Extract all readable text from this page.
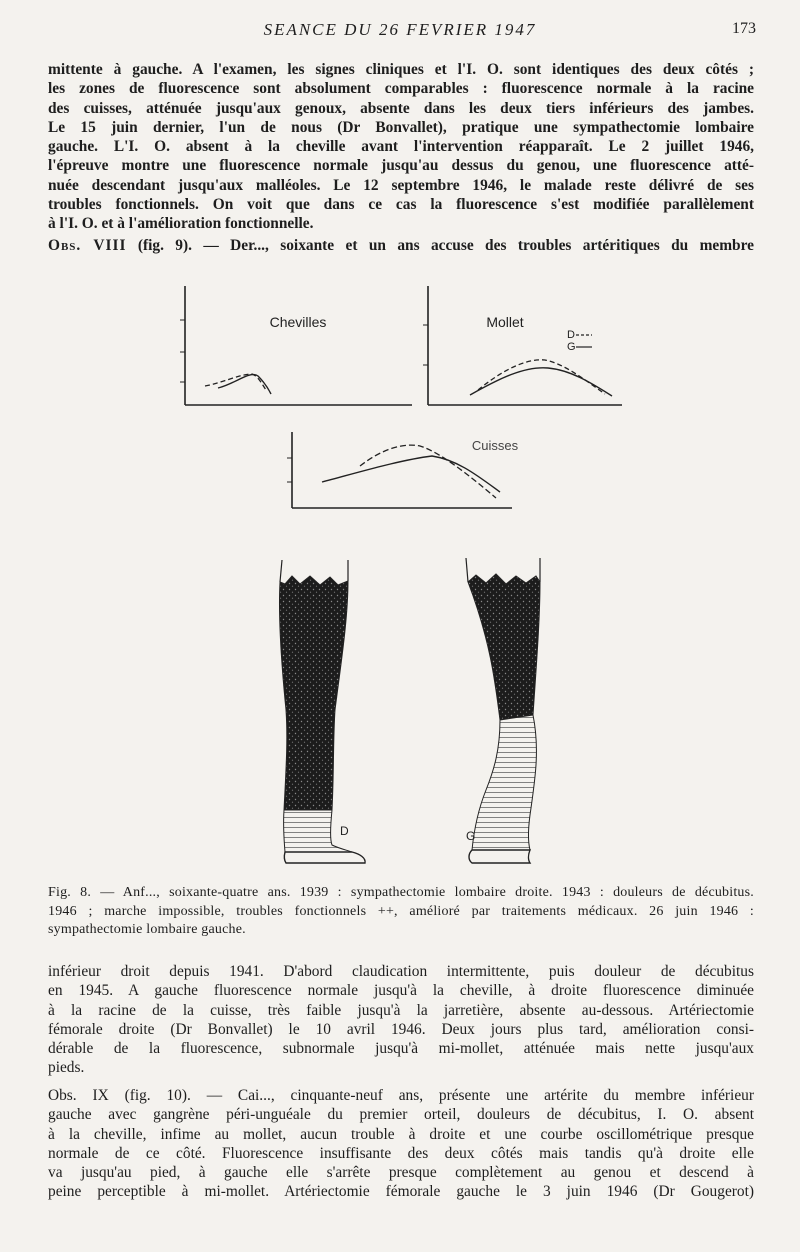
SEANCE DU 26 FEVRIER 1947	173

mittente à gauche. A l'examen, les signes cliniques et l'I. O. sont identiques des deux côtés ;
les zones de fluorescence sont absolument comparables : fluorescence normale à la racine
des cuisses, atténuée jusqu'aux genoux, absente dans les deux tiers inférieurs des jambes.
Le 15 juin dernier, l'un de nous (Dr Bonvallet), pratique une sympathectomie lombaire
gauche. L'I. O. absent à la cheville avant l'intervention réapparaît. Le 2 juillet 1946,
l'épreuve montre une fluorescence normale jusqu'au dessus du genou, une fluorescence atté-
nuée descendant jusqu'aux malléoles. Le 12 septembre 1946, le malade reste délivré de ses
troubles fonctionnels. On voit que dans ce cas la fluorescence s'est modifiée parallèlement
à l'I. O. et à l'amélioration fonctionnelle.

Obs. VIII (fig. 9). — Der..., soixante et un ans accuse des troubles artéritiques du membre

Chevilles	Mollet
D
G
Cuisses
D	G

Fig. 8. — Anf..., soixante-quatre ans. 1939 : sympathectomie lombaire droite. 1943 : douleurs de décubitus.
1946 ; marche impossible, troubles fonctionnels ++, amélioré par traitements médicaux. 26 juin 1946 :
sympathectomie lombaire gauche.

inférieur droit depuis 1941. D'abord claudication intermittente, puis douleur de décubitus
en 1945. A gauche fluorescence normale jusqu'à la cheville, à droite fluorescence diminuée
à la racine de la cuisse, très faible jusqu'à la jarretière, absente au-dessous. Artériectomie
fémorale droite (Dr Bonvallet) le 10 avril 1946. Deux jours plus tard, amélioration consi-
dérable de la fluorescence, subnormale jusqu'à mi-mollet, atténuée mais nette jusqu'aux
pieds.

Obs. IX (fig. 10). — Cai..., cinquante-neuf ans, présente une artérite du membre inférieur
gauche avec gangrène péri-unguéale du premier orteil, douleurs de décubitus, I. O. absent
à la cheville, infime au mollet, aucun trouble à droite et une courbe oscillométrique presque
normale de ce côté. Fluorescence insuffisante des deux côtés mais tandis qu'à droite elle
va jusqu'au pied, à gauche elle s'arrête presque complètement au genou et descend à
peine perceptible à mi-mollet. Artériectomie fémorale gauche le 3 juin 1946 (Dr Gougerot)
